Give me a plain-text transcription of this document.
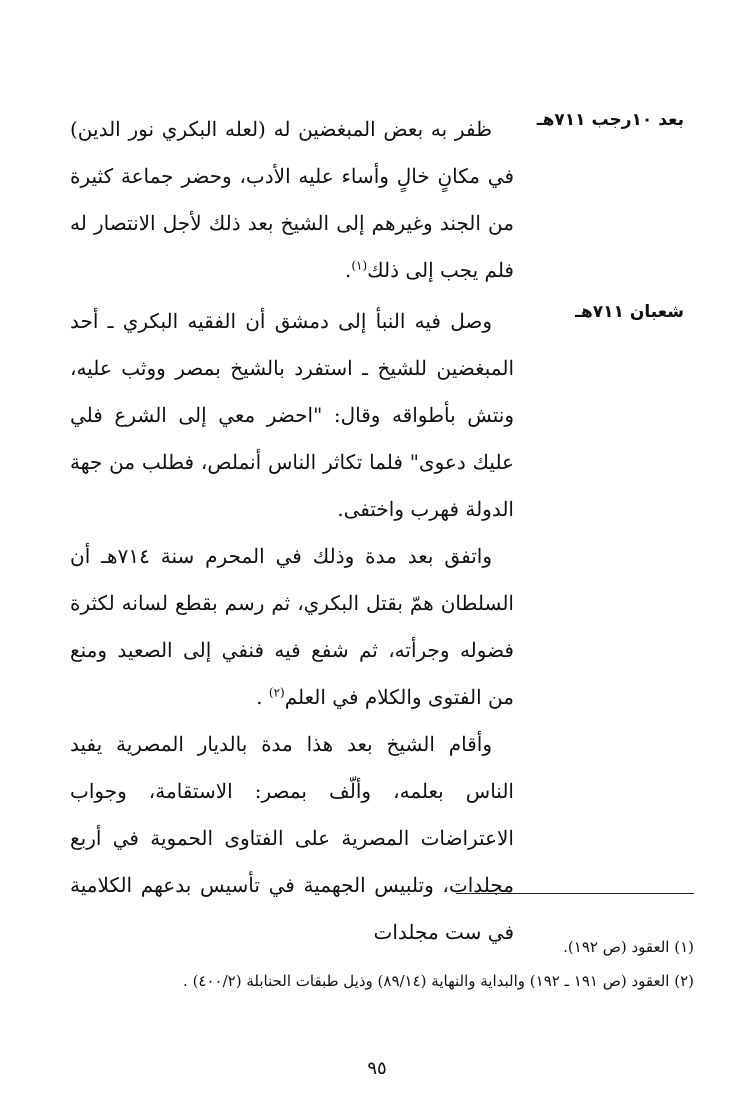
بعد ١٠رجب ٧١١هـ

ظفر به بعض المبغضين له (لعله البكري نور الدين) في مكانٍ خالٍ وأساء عليه الأدب، وحضر جماعة كثيرة من الجند وغيرهم إلى الشيخ بعد ذلك لأجل الانتصار له فلم يجب إلى ذلك$^{(١)}$.

شعبان ٧١١هـ

وصل فيه النبأ إلى دمشق أن الفقيه البكري ـ أحد المبغضين للشيخ ـ استفرد بالشيخ بمصر ووثب عليه، ونتش بأطواقه وقال: "احضر معي إلى الشرع فلي عليك دعوى" فلما تكاثر الناس أنملص، فطلب من جهة الدولة فهرب واختفى.

واتفق بعد مدة وذلك في المحرم سنة ٧١٤هـ أن السلطان همّ بقتل البكري، ثم رسم بقطع لسانه لكثرة فضوله وجرأته، ثم شفع فيه فنفي إلى الصعيد ومنع من الفتوى والكلام في العلم$^{(٢)}$ .

وأقام الشيخ بعد هذا مدة بالديار المصرية يفيد الناس بعلمه، وألّف بمصر: الاستقامة، وجواب الاعتراضات المصرية على الفتاوى الحموية في أربع مجلدات، وتلبيس الجهمية في تأسيس بدعهم الكلامية في ست مجلدات

(١) العقود (ص ١٩٢).
(٢) العقود (ص ١٩١ ـ ١٩٢) والبداية والنهاية (٨٩/١٤) وذيل طبقات الحنابلة (٤٠٠/٢) .
٩٥
